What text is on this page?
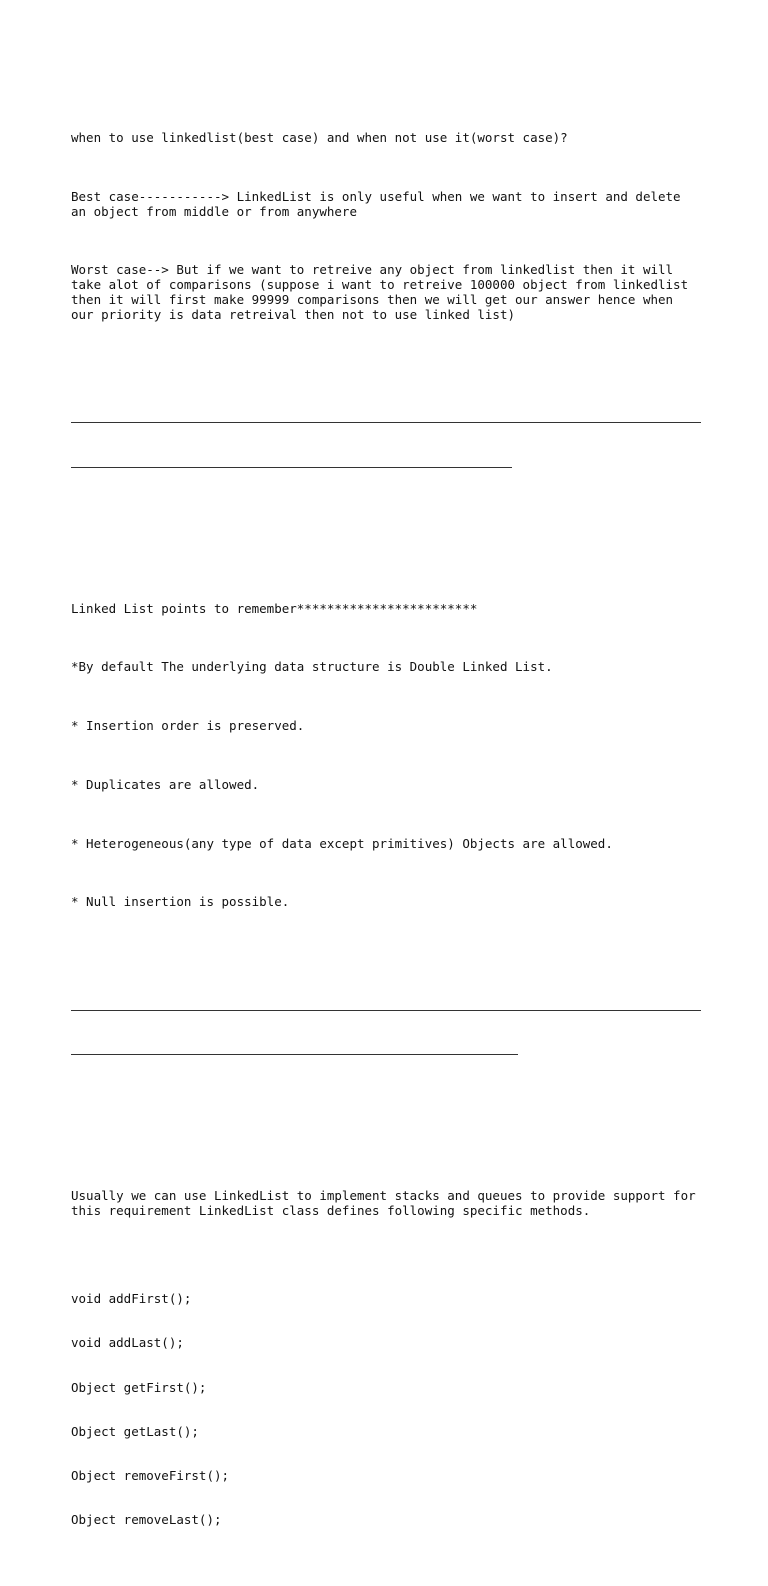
when to use linkedlist(best case) and when not use it(worst case)?

Best case-----------> LinkedList is only useful when we want to insert and delete
an object from middle or from anywhere

Worst case--> But if we want to retreive any object from linkedlist then it will
take alot of comparisons (suppose i want to retreive 100000 object from linkedlist
then it will first make 99999 comparisons then we will get our answer hence when
our priority is data retreival then not to use linked list)

Linked List points to remember************************

*By default The underlying data structure is Double Linked List.

* Insertion order is preserved.

* Duplicates are allowed.

* Heterogeneous(any type of data except primitives) Objects are allowed.

* Null insertion is possible.

Usually we can use LinkedList to implement stacks and queues to provide support for
this requirement LinkedList class defines following specific methods.

void addFirst();

void addLast();

Object getFirst();

Object getLast();

Object removeFirst();

Object removeLast();
